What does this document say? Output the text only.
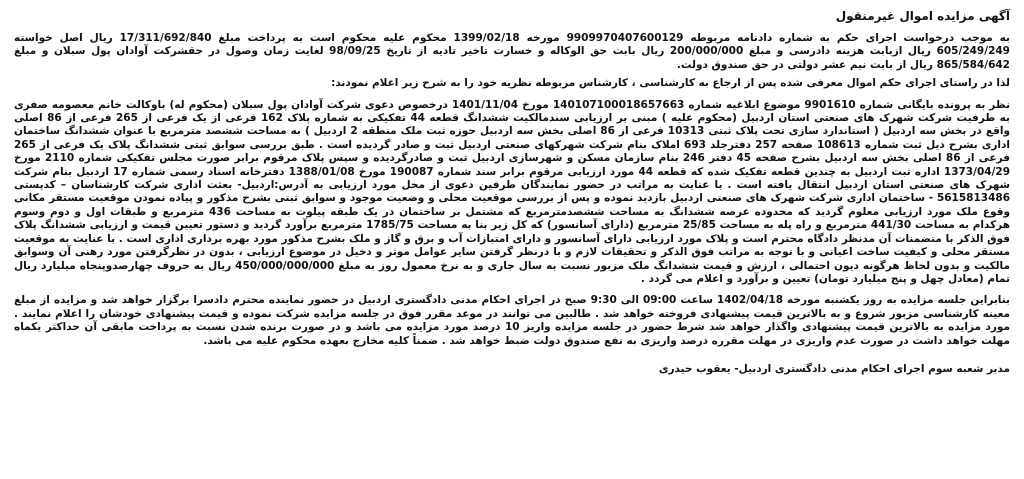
آگهی مزایده اموال غیرمنقول

به موجب درخواست اجرای حکم به شماره دادنامه مربوطه 9909970407600129 مورخه 1399/02/18 محکوم علیه محکوم است به پرداخت مبلغ 17/311/692/840 ریال اصل خواسته 605/249/249 ریال ازبابت هزینه دادرسی و مبلغ 200/000/000 ریال بابت حق الوکاله و خسارت تاخیر تادیه از تاریخ 98/09/25 لغایت زمان وصول در حقشرکت آوادان پول سبلان و مبلغ 865/584/642 ریال از بابت نیم عشر دولتی در حق صندوق دولت.

لذا در راستای اجرای حکم اموال معرفی شده پس از ارجاع به کارشناسی ، کارشناس مربوطه نظریه خود را به شرح زیر اعلام نمودند:

نظر به پرونده بایگانی شماره 9901610 موضوع ابلاغیه شماره 140107100018657663 مورخ 1401/11/04 درخصوص دعوی شرکت آوادان پول سبلان (محکوم له) باوکالت خانم معصومه صفری به طرفیت شرکت شهرک های صنعتی استان اردبیل (محکوم علیه ) مبنی بر ارزیابی سندمالکیت ششدانگ قطعه 44 تفکیکی به شماره پلاک 162 فرعی از یک فرعی از 265 فرعی از 86 اصلی واقع در بخش سه اردبیل ( استاندارد سازی تحت پلاک ثبتی 10313 فرعی از 86 اصلی بخش سه اردبیل حوزه ثبت ملک منطقه 2 اردبیل ) به مساحت ششصد مترمربع با عنوان ششدانگ ساختمان اداری بشرح ذیل ثبت شماره 108613 صفحه 257 دفترجلد 693 املاک بنام شرکت شهرکهای صنعتی اردبیل ثبت و صادر گردیده است . طبق بررسی سوابق ثبتی ششدانگ پلاک یک فرعی از 265 فرعی از 86 اصلی بخش سه اردبیل بشرح صفحه 45 دفتر 246 بنام سازمان مسکن و شهرسازی اردبیل ثبت و صادرگردیده و سپس پلاک مرقوم برابر صورت مجلس تفکیکی شماره 2110 مورخ 1373/04/29 اداره ثبت اردبیل به چندین قطعه تفکیک شده که قطعه 44 مورد ارزیابی مرقوم برابر سند شماره 190087 مورخ 1388/01/08 دفترخانه اسناد رسمی شماره 17 اردبیل بنام شرکت شهرک های صنعتی استان اردبیل انتقال یافته است . با عنایت به مراتب در حضور نمایندگان طرفین دعوی از محل مورد ارزیابی به آدرس:اردبیل- بعثت اداری شرکت کارشناسان – کدپستی 5615813486 - ساختمان اداری شرکت شهرک های صنعتی اردبیل بازدید نموده و پس از بررسی موقعیت محلی و وضعیت موجود و سوابق ثبتی بشرح مذکور و پیاده نمودن موقعیت مستقر مکانی وقوع ملک مورد ارزیابی معلوم گردید که محدوده عرصه ششدانگ به مساحت ششصدمترمربع که مشتمل بر ساختمان در یک طبقه پیلوت به مساحت 436 مترمربع و طبقات اول و دوم وسوم هرکدام به مساحت 441/30 مترمربع و راه پله به مساحت 25/85 مترمربع (دارای آسانسور) که کل زیر بنا به مساحت 1785/75 مترمربع برآورد گردید و دستور تعیین قیمت و ارزیابی ششدانگ پلاک فوق الذکر با متضمنات آن مدنظر دادگاه محترم است و پلاک مورد ارزیابی دارای آسانسور و دارای امتیازات آب و برق و گاز و ملک بشرح مذکور مورد بهره برداری اداری است . با عنایت به موقعیت مستقر محلی و کیفیت ساخت اعیانی و با توجه به مراتب فوق الذکر و تحقیقات لازم و با درنظر گرفتن سایر عوامل موثر و دخیل در موضوع ارزیابی ، بدون در نظرگرفتن مورد رهنی آن وسوابق مالکیت و بدون لحاظ هرگونه دیون احتمالی ، ارزش و قیمت ششدانگ ملک مزبور نسبت به سال جاری و به نرخ معمول روز به مبلغ 450/000/000/000 ریال به حروف چهارصدوپنجاه میلیارد ریال تمام (معادل چهل و پنج میلیارد تومان) تعیین و برآورد و اعلام می گردد .

بنابراین جلسه مزایده به روز یکشنبه مورخه 1402/04/18 ساعت 09:00 الی 9:30 صبح در اجرای احکام مدنی دادگستری اردبیل در حضور نماینده محترم دادسرا برگزار خواهد شد و مزایده از مبلغ معینه کارشناسی مزبور شروع و به بالاترین قیمت پیشنهادی فروخته خواهد شد . طالبین می توانند در موعد مقرر فوق در جلسه مزایده شرکت نموده و قیمت پیشنهادی خودشان را اعلام نمایند . مورد مزایده به بالاترین قیمت پیشنهادی واگذار خواهد شد شرط حضور در جلسه مزایده واریز 10 درصد مورد مزایده می باشد و در صورت برنده شدن نسبت به پرداخت مابقی آن حداکثر یکماه مهلت خواهد داشت در صورت عدم واریزی در مهلت مقرره درصد واریزی به نفع صندوق دولت ضبط خواهد شد . ضمناً کلیه مخارج بعهده محکوم علیه می باشد.

مدیر شعبه سوم اجرای احکام مدنی دادگستری اردبیل- یعقوب حیدری
